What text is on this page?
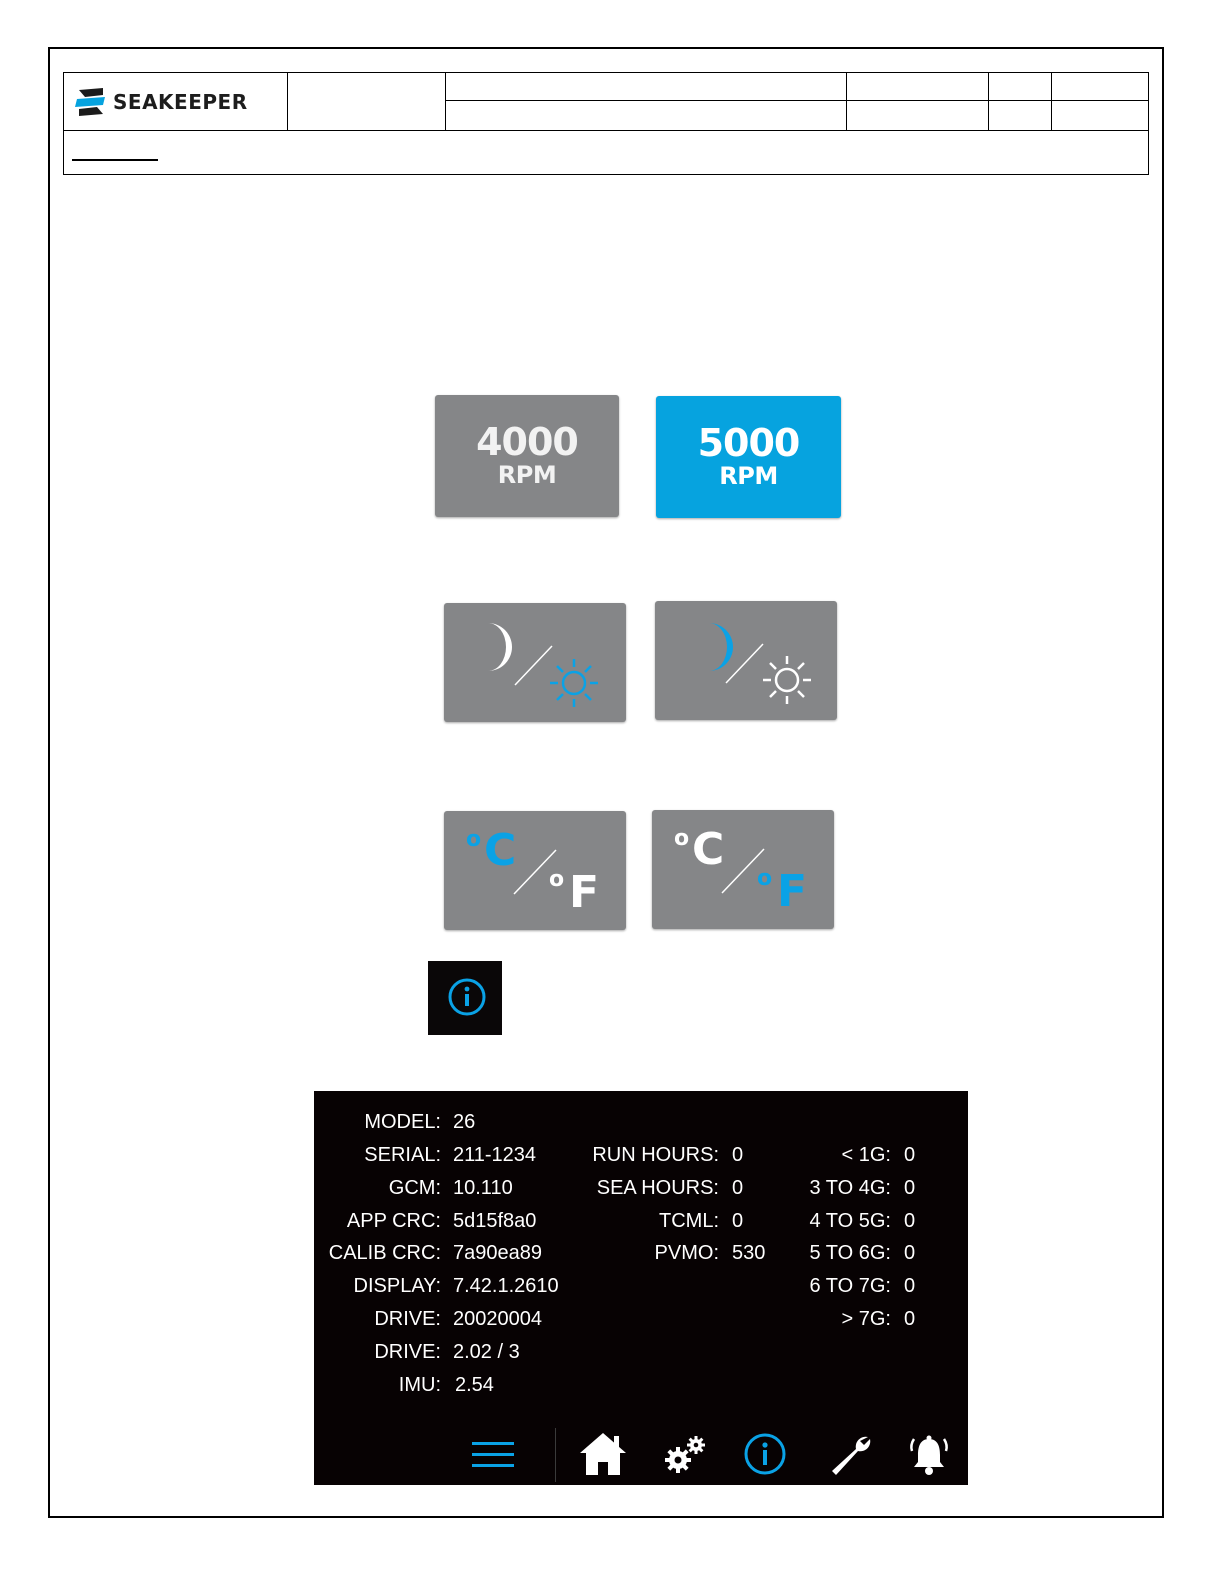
SEAKEEPER
4000
RPM
5000
RPM
o C
o F
o C
o F
MODEL: 26
SERIAL: 211-1234
GCM: 10.110
APP CRC: 5d15f8a0
CALIB CRC: 7a90ea89
DISPLAY: 7.42.1.2610
DRIVE: 20020004
DRIVE: 2.02 / 3
IMU: 2.54
RUN HOURS: 0
SEA HOURS: 0
TCML: 0
PVMO: 530
< 1G: 0
3 TO 4G: 0
4 TO 5G: 0
5 TO 6G: 0
6 TO 7G: 0
> 7G: 0
